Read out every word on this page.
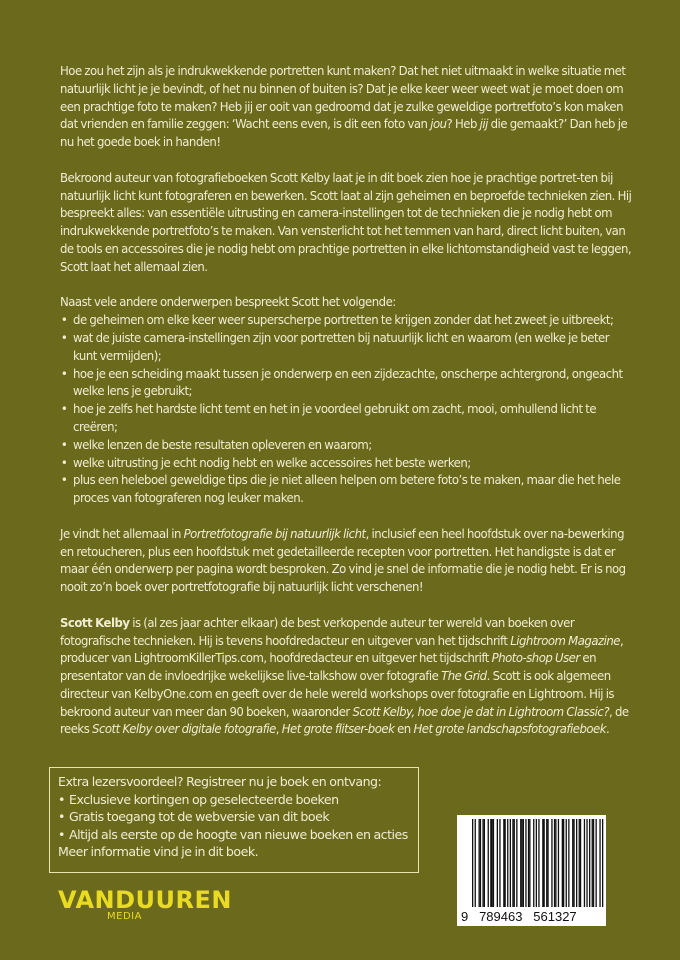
Hoe zou het zijn als je indrukwekkende portretten kunt maken? Dat het niet uitmaakt in welke situatie met natuurlijk licht je je bevindt, of het nu binnen of buiten is? Dat je elke keer weer weet wat je moet doen om een prachtige foto te maken? Heb jij er ooit van gedroomd dat je zulke geweldige portretfoto’s kon maken dat vrienden en familie zeggen: ‘Wacht eens even, is dit een foto van jou? Heb jij die gemaakt?’ Dan heb je nu het goede boek in handen!

Bekroond auteur van fotografieboeken Scott Kelby laat je in dit boek zien hoe je prachtige portret-ten bij natuurlijk licht kunt fotograferen en bewerken. Scott laat al zijn geheimen en beproefde technieken zien. Hij bespreekt alles: van essentiële uitrusting en camera-instellingen tot de technieken die je nodig hebt om indrukwekkende portretfoto’s te maken. Van vensterlicht tot het temmen van hard, direct licht buiten, van de tools en accessoires die je nodig hebt om prachtige portretten in elke lichtomstandigheid vast te leggen, Scott laat het allemaal zien.

Naast vele andere onderwerpen bespreekt Scott het volgende:

• de geheimen om elke keer weer superscherpe portretten te krijgen zonder dat het zweet je uitbreekt;
• wat de juiste camera-instellingen zijn voor portretten bij natuurlijk licht en waarom (en welke je beter kunt vermijden);
• hoe je een scheiding maakt tussen je onderwerp en een zijdezachte, onscherpe achtergrond, ongeacht welke lens je gebruikt;
• hoe je zelfs het hardste licht temt en het in je voordeel gebruikt om zacht, mooi, omhullend licht te creëren;
• welke lenzen de beste resultaten opleveren en waarom;
• welke uitrusting je echt nodig hebt en welke accessoires het beste werken;
• plus een heleboel geweldige tips die je niet alleen helpen om betere foto’s te maken, maar die het hele proces van fotograferen nog leuker maken.

Je vindt het allemaal in Portretfotografie bij natuurlijk licht, inclusief een heel hoofdstuk over na-bewerking en retoucheren, plus een hoofdstuk met gedetailleerde recepten voor portretten. Het handigste is dat er maar één onderwerp per pagina wordt besproken. Zo vind je snel de informatie die je nodig hebt. Er is nog nooit zo’n boek over portretfotografie bij natuurlijk licht verschenen!

Scott Kelby is (al zes jaar achter elkaar) de best verkopende auteur ter wereld van boeken over fotografische technieken. Hij is tevens hoofdredacteur en uitgever van het tijdschrift Lightroom Magazine, producer van LightroomKillerTips.com, hoofdredacteur en uitgever het tijdschrift Photo-shop User en presentator van de invloedrijke wekelijkse live-talkshow over fotografie The Grid. Scott is ook algemeen directeur van KelbyOne.com en geeft over de hele wereld workshops over fotografie en Lightroom. Hij is bekroond auteur van meer dan 90 boeken, waaronder Scott Kelby, hoe doe je dat in Lightroom Classic?, de reeks Scott Kelby over digitale fotografie, Het grote flitser-boek en Het grote landschapsfotografieboek.

Extra lezersvoordeel? Registreer nu je boek en ontvang:
• Exclusieve kortingen op geselecteerde boeken
• Gratis toegang tot de webversie van dit boek
• Altijd als eerste op de hoogte van nieuwe boeken en acties
Meer informatie vind je in dit boek.
VANDUUREN
MEDIA	9   789463   561327
